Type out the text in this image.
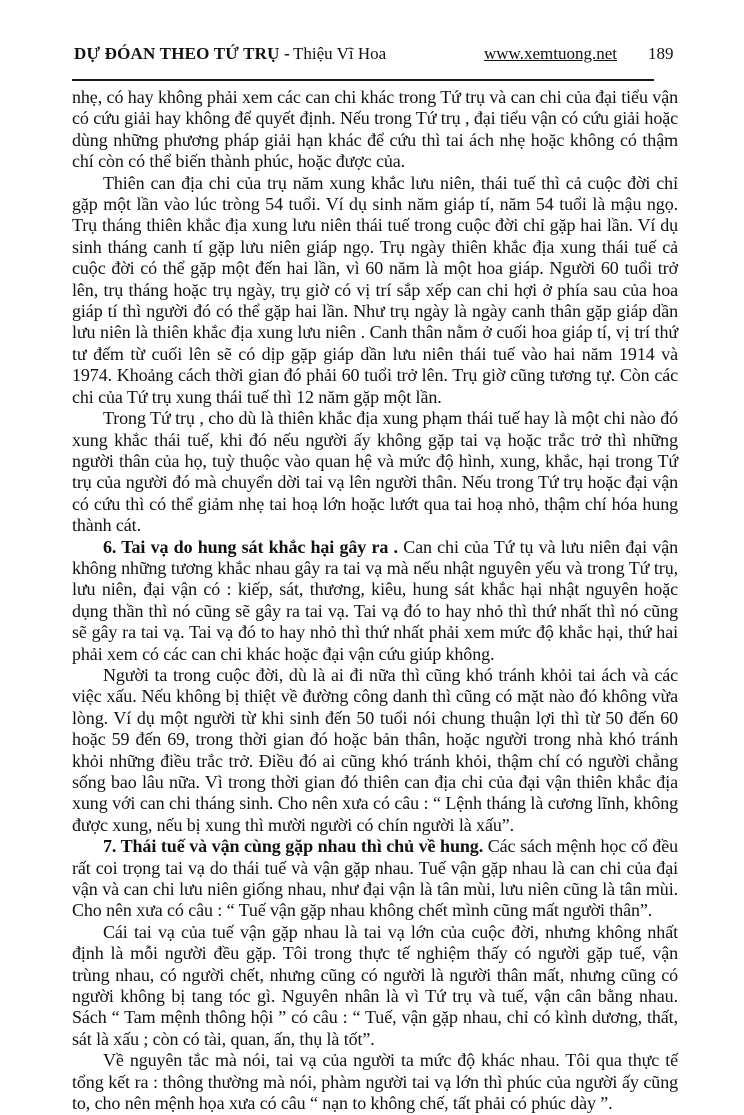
DỰ ĐÓAN THEO TỨ TRỤ - Thiệu Vĩ Hoa	www.xemtuong.net 189

nhẹ, có hay không phải xem các can chi khác trong Tứ trụ và can chi của đại tiểu vận có cứu giải hay không để quyết định. Nếu trong Tứ trụ , đại tiểu vận có cứu giải hoặc dùng những phương pháp giải hạn khác để cứu thì tai ách nhẹ hoặc không có thậm chí còn có thể biến thành phúc, hoặc được của.

Thiên can địa chi của trụ năm xung khắc lưu niên, thái tuế thì cả cuộc đời chỉ gặp một lần vào lúc tròng 54 tuổi. Ví dụ sinh năm giáp tí, năm 54 tuổi là mậu ngọ. Trụ tháng thiên khắc địa xung lưu niên thái tuế trong cuộc đời chỉ gặp hai lần. Ví dụ sinh tháng canh tí gặp lưu niên giáp ngọ. Trụ ngày thiên khắc địa xung thái tuế cả cuộc đời có thể gặp một đến hai lần, vì 60 năm là một hoa giáp. Người 60 tuổi trở lên, trụ tháng hoặc trụ ngày, trụ giờ có vị trí sắp xếp can chi hợi ở phía sau của hoa giáp tí thì người đó có thể gặp hai lần. Như trụ ngày là ngày canh thân gặp giáp dần lưu niên là thiên khắc địa xung lưu niên . Canh thân nằm ở cuối hoa giáp tí, vị trí thứ tư đếm từ cuối lên sẽ có dịp gặp giáp dần lưu niên thái tuế vào hai năm 1914 và 1974. Khoảng cách thời gian đó phải 60 tuổi trở lên. Trụ giờ cũng tương tự. Còn các chi của Tứ trụ xung thái tuế thì 12 năm gặp một lần.

Trong Tứ trụ , cho dù là thiên khắc địa xung phạm thái tuế hay là một chi nào đó xung khắc thái tuế, khi đó nếu người ấy không gặp tai vạ hoặc trắc trở thì những người thân của họ, tuỳ thuộc vào quan hệ và mức độ hình, xung, khắc, hại trong Tứ trụ của người đó mà chuyển dời tai vạ lên người thân. Nếu trong Tứ trụ hoặc đại vận có cứu thì có thể giảm nhẹ tai hoạ lớn hoặc lướt qua tai hoạ nhỏ, thậm chí hóa hung thành cát.

6. Tai vạ do hung sát khắc hại gây ra . Can chi của Tứ tụ và lưu niên đại vận không những tương khắc nhau gây ra tai vạ mà nếu nhật nguyên yếu và trong Tứ trụ, lưu niên, đại vận có : kiếp, sát, thương, kiêu, hung sát khắc hại nhật nguyên hoặc dụng thần thì nó cũng sẽ gây ra tai vạ. Tai vạ đó to hay nhỏ thì thứ nhất thì nó cũng sẽ gây ra tai vạ. Tai vạ đó to hay nhỏ thì thứ nhất phải xem mức độ khắc hại, thứ hai phải xem có các can chi khác hoặc đại vận cứu giúp không.

Người ta trong cuộc đời, dù là ai đi nữa thì cũng khó tránh khỏi tai ách và các việc xấu. Nếu không bị thiệt về đường công danh thì cũng có mặt nào đó không vừa lòng. Ví dụ một người từ khi sinh đến 50 tuổi nói chung thuận lợi thì từ 50 đến 60 hoặc 59 đến 69, trong thời gian đó hoặc bản thân, hoặc người trong nhà khó tránh khỏi những điều trắc trở. Điều đó ai cũng khó tránh khỏi, thậm chí có người chẳng sống bao lâu nữa. Vì trong thời gian đó thiên can địa chi của đại vận thiên khắc địa xung với can chi tháng sinh. Cho nên xưa có câu : “ Lệnh tháng là cương lĩnh, không được xung, nếu bị xung thì mười người có chín người là xấu”.

7. Thái tuế và vận cùng gặp nhau thì chủ về hung. Các sách mệnh học cổ đều rất coi trọng tai vạ do thái tuế và vận gặp nhau. Tuế vận gặp nhau là can chi của đại vận và can chi lưu niên giống nhau, như đại vận là tân mùi, lưu niên cũng là tân mùi. Cho nên xưa có câu : “ Tuế vận gặp nhau không chết mình cũng mất người thân”.

Cái tai vạ của tuế vận gặp nhau là tai vạ lớn của cuộc đời, nhưng không nhất định là mỗi người đều gặp. Tôi trong thực tế nghiệm thấy có người gặp tuế, vận trùng nhau, có người chết, nhưng cũng có người là người thân mất, nhưng cũng có người không bị tang tóc gì. Nguyên nhân là vì Tứ trụ và tuế, vận cân bằng nhau. Sách “ Tam mệnh thông hội ” có câu : “ Tuế, vận gặp nhau, chỉ có kình dương, thất, sát là xấu ; còn có tài, quan, ấn, thụ là tốt”.

Về nguyên tắc mà nói, tai vạ của người ta mức độ khác nhau. Tôi qua thực tế tổng kết ra : thông thường mà nói, phàm người tai vạ lớn thì phúc của người ấy cũng to, cho nên mệnh họa xưa có câu “ nạn to không chế, tất phải có phúc dày ”.
